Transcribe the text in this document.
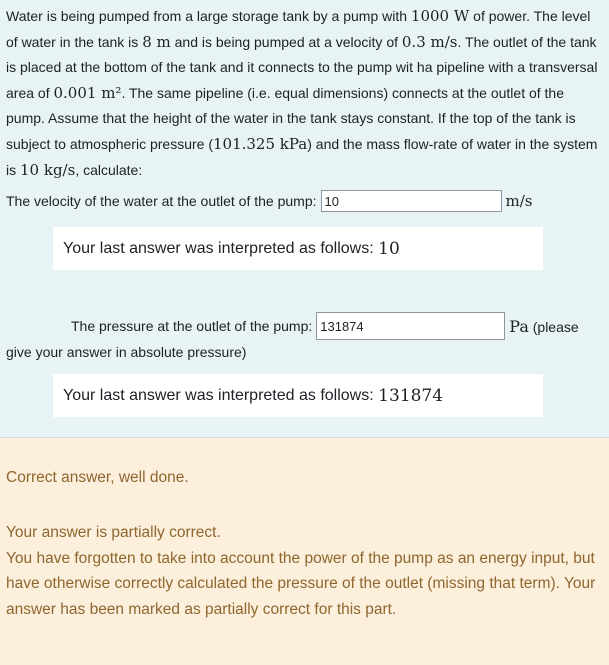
Water is being pumped from a large storage tank by a pump with 1000 W of power. The level of water in the tank is 8 m and is being pumped at a velocity of 0.3 m/s. The outlet of the tank is placed at the bottom of the tank and it connects to the pump wit ha pipeline with a transversal area of 0.001 m². The same pipeline (i.e. equal dimensions) connects at the outlet of the pump. Assume that the height of the water in the tank stays constant. If the top of the tank is subject to atmospheric pressure (101.325 kPa) and the mass flow-rate of water in the system is 10 kg/s, calculate:

The velocity of the water at the outlet of the pump:
10	m/s
Your last answer was interpreted as follows:
10
The pressure at the outlet of the pump:
131874	Pa (please
give your answer in absolute pressure)
Your last answer was interpreted as follows:
131874
Correct answer, well done.

Your answer is partially correct.
You have forgotten to take into account the power of the pump as an energy input, but have otherwise correctly calculated the pressure of the outlet (missing that term). Your answer has been marked as partially correct for this part.
